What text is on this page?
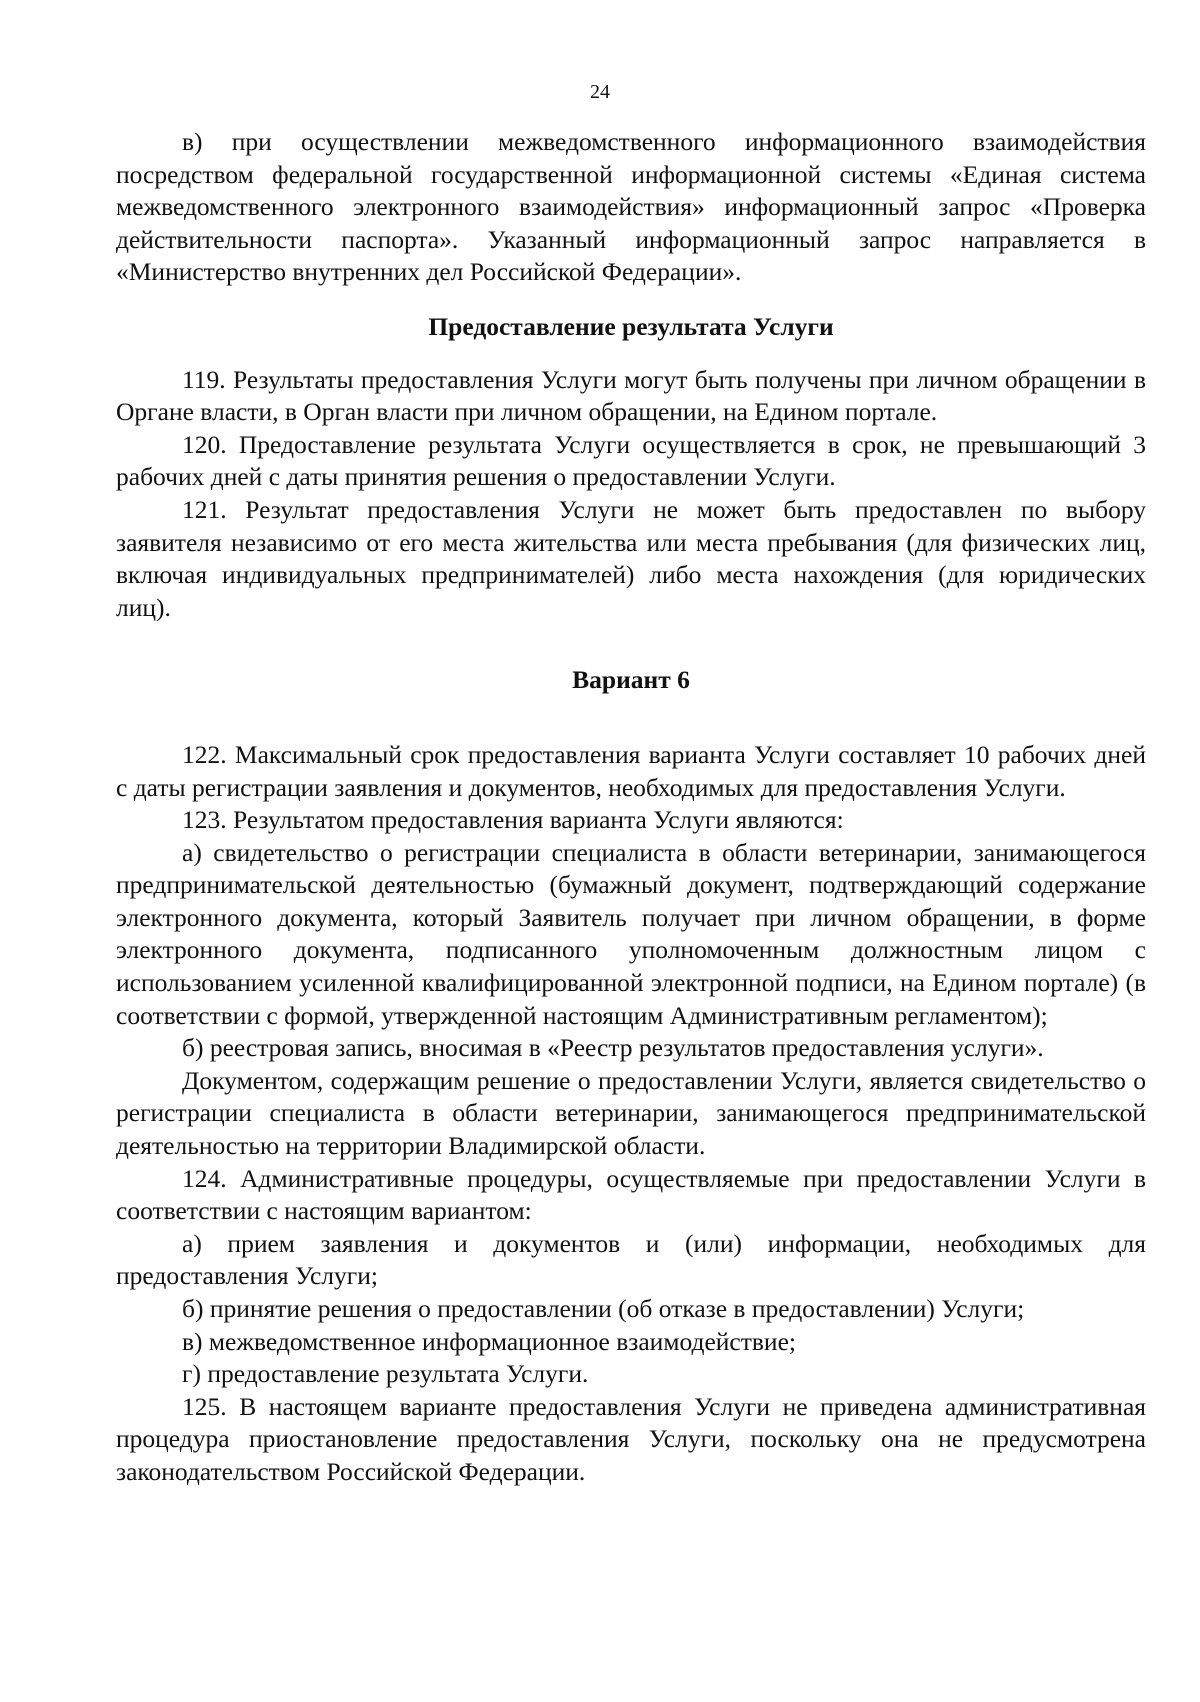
24

в) при осуществлении межведомственного информационного взаимодействия посредством федеральной государственной информационной системы «Единая система межведомственного электронного взаимодействия» информационный запрос «Проверка действительности паспорта». Указанный информационный запрос направляется в «Министерство внутренних дел Российской Федерации».

Предоставление результата Услуги

119. Результаты предоставления Услуги могут быть получены при личном обращении в Органе власти, в Орган власти при личном обращении, на Едином портале.

120. Предоставление результата Услуги осуществляется в срок, не превышающий 3 рабочих дней с даты принятия решения о предоставлении Услуги.

121. Результат предоставления Услуги не может быть предоставлен по выбору заявителя независимо от его места жительства или места пребывания (для физических лиц, включая индивидуальных предпринимателей) либо места нахождения (для юридических лиц).

Вариант 6

122. Максимальный срок предоставления варианта Услуги составляет 10 рабочих дней с даты регистрации заявления и документов, необходимых для предоставления Услуги.

123. Результатом предоставления варианта Услуги являются:

а) свидетельство о регистрации специалиста в области ветеринарии, занимающегося предпринимательской деятельностью (бумажный документ, подтверждающий содержание электронного документа, который Заявитель получает при личном обращении, в форме электронного документа, подписанного уполномоченным должностным лицом с использованием усиленной квалифицированной электронной подписи, на Едином портале) (в соответствии с формой, утвержденной настоящим Административным регламентом);

б) реестровая запись, вносимая в «Реестр результатов предоставления услуги».

Документом, содержащим решение о предоставлении Услуги, является свидетельство о регистрации специалиста в области ветеринарии, занимающегося предпринимательской деятельностью на территории Владимирской области.

124. Административные процедуры, осуществляемые при предоставлении Услуги в соответствии с настоящим вариантом:

а) прием заявления и документов и (или) информации, необходимых для предоставления Услуги;

б) принятие решения о предоставлении (об отказе в предоставлении) Услуги;

в) межведомственное информационное взаимодействие;

г) предоставление результата Услуги.

125. В настоящем варианте предоставления Услуги не приведена административная процедура приостановление предоставления Услуги, поскольку она не предусмотрена законодательством Российской Федерации.
